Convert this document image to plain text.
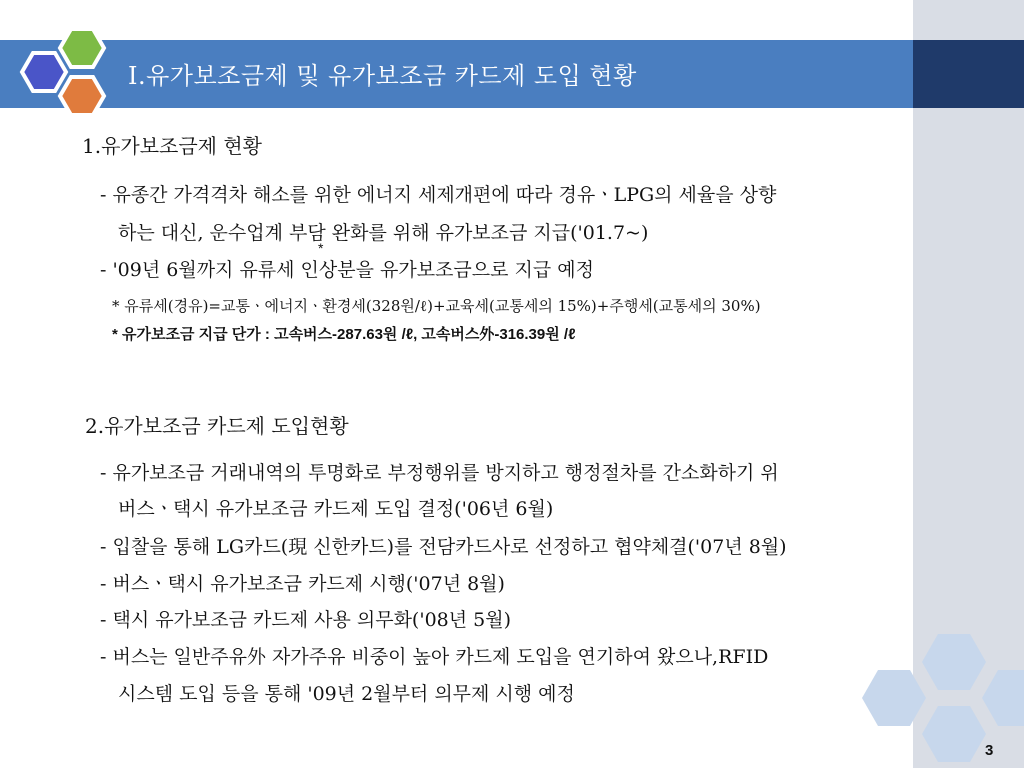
Ⅰ.유가보조금제 및 유가보조금 카드제 도입 현황
1.유가보조금제 현황
- 유종간 가격격차 해소를 위한 에너지 세제개편에 따라 경유ㆍLPG의 세율을 상향
하는 대신, 운수업계 부담 완화를 위해 유가보조금 지급('01.7~)
*
- '09년 6월까지 유류세 인상분을 유가보조금으로 지급 예정
* 유류세(경유)=교통ㆍ에너지ㆍ환경세(328원/ℓ)+교육세(교통세의 15%)+주행세(교통세의 30%)
* 유가보조금 지급 단가 : 고속버스-287.63원 /ℓ, 고속버스外-316.39원 /ℓ
2.유가보조금 카드제 도입현황
- 유가보조금 거래내역의 투명화로 부정행위를 방지하고 행정절차를 간소화하기 위
버스ㆍ택시 유가보조금 카드제 도입 결정('06년 6월)
- 입찰을 통해 LG카드(現 신한카드)를 전담카드사로 선정하고 협약체결('07년 8월)
- 버스ㆍ택시 유가보조금 카드제 시행('07년 8월)
- 택시 유가보조금 카드제 사용 의무화('08년 5월)
- 버스는 일반주유外 자가주유 비중이 높아 카드제 도입을 연기하여 왔으나,RFID
시스템 도입 등을 통해 '09년 2월부터 의무제 시행 예정
3
